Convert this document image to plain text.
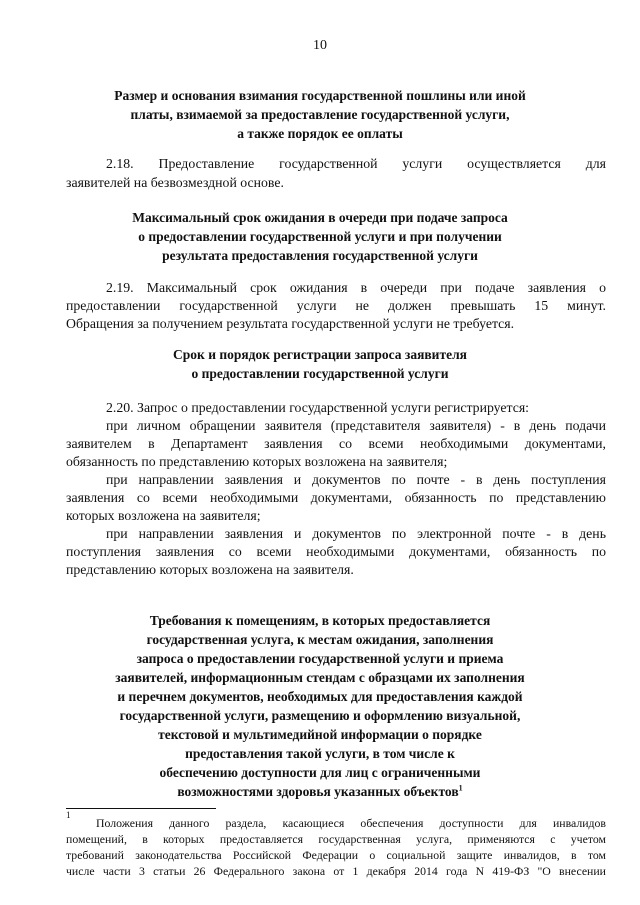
10
Размер и основания взимания государственной пошлины или иной
платы, взимаемой за предоставление государственной услуги,
а также порядок ее оплаты
2.18. Предоставление государственной услуги осуществляется для
заявителей на безвозмездной основе.
Максимальный срок ожидания в очереди при подаче запроса
о предоставлении государственной услуги и при получении
результата предоставления государственной услуги
2.19. Максимальный срок ожидания в очереди при подаче заявления о
предоставлении государственной услуги не должен превышать 15 минут.
Обращения за получением результата государственной услуги не требуется.
Срок и порядок регистрации запроса заявителя
о предоставлении государственной услуги
2.20. Запрос о предоставлении государственной услуги регистрируется:
при личном обращении заявителя (представителя заявителя) - в день подачи
заявителем в Департамент заявления со всеми необходимыми документами,
обязанность по представлению которых возложена на заявителя;
при направлении заявления и документов по почте - в день поступления
заявления со всеми необходимыми документами, обязанность по представлению
которых возложена на заявителя;
при направлении заявления и документов по электронной почте - в день
поступления заявления со всеми необходимыми документами, обязанность по
представлению которых возложена на заявителя.
Требования к помещениям, в которых предоставляется
государственная услуга, к местам ожидания, заполнения
запроса о предоставлении государственной услуги и приема
заявителей, информационным стендам с образцами их заполнения
и перечнем документов, необходимых для предоставления каждой
государственной услуги, размещению и оформлению визуальной,
текстовой и мультимедийной информации о порядке
предоставления такой услуги, в том числе к
обеспечению доступности для лиц с ограниченными
возможностями здоровья указанных объектов$^1$
1
Положения данного раздела, касающиеся обеспечения доступности для инвалидов
помещений, в которых предоставляется государственная услуга, применяются с учетом
требований законодательства Российской Федерации о социальной защите инвалидов, в том
числе части 3 статьи 26 Федерального закона от 1 декабря 2014 года N 419-ФЗ "О внесении
